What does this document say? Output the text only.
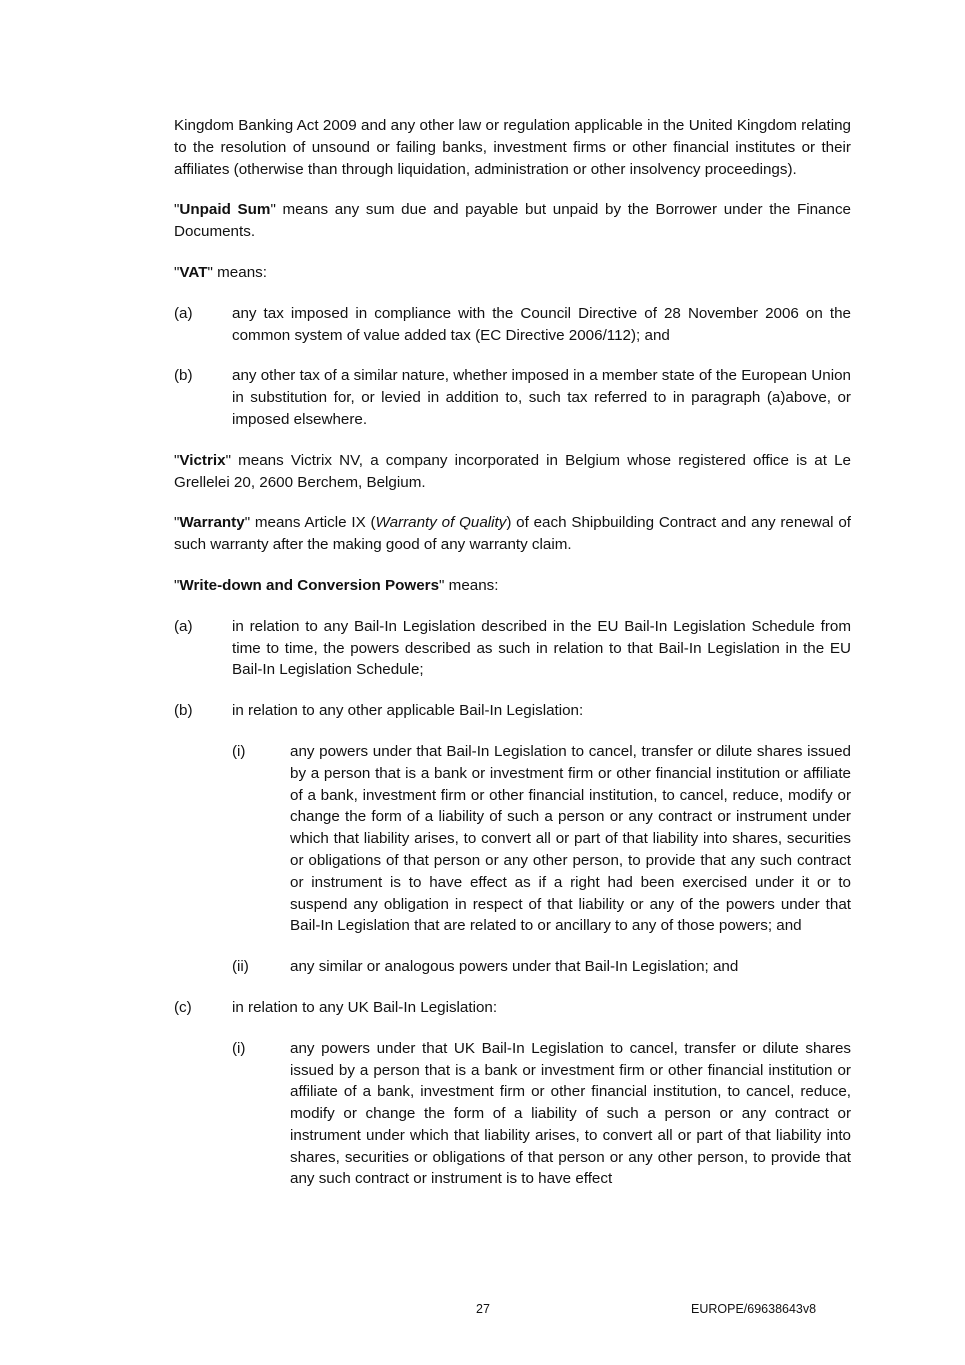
Kingdom Banking Act 2009 and any other law or regulation applicable in the United Kingdom relating to the resolution of unsound or failing banks, investment firms or other financial institutes or their affiliates (otherwise than through liquidation, administration or other insolvency proceedings).

"Unpaid Sum" means any sum due and payable but unpaid by the Borrower under the Finance Documents.

"VAT" means:

(a)	any tax imposed in compliance with the Council Directive of 28 November 2006 on the common system of value added tax (EC Directive 2006/112); and

(b)	any other tax of a similar nature, whether imposed in a member state of the European Union in substitution for, or levied in addition to, such tax referred to in paragraph (a)above, or imposed elsewhere.

"Victrix" means Victrix NV, a company incorporated in Belgium whose registered office is at Le Grellelei 20, 2600 Berchem, Belgium.

"Warranty" means Article IX (Warranty of Quality) of each Shipbuilding Contract and any renewal of such warranty after the making good of any warranty claim.

"Write-down and Conversion Powers" means:

(a)	in relation to any Bail-In Legislation described in the EU Bail-In Legislation Schedule from time to time, the powers described as such in relation to that Bail-In Legislation in the EU Bail-In Legislation Schedule;

(b)	in relation to any other applicable Bail-In Legislation:

(i)	any powers under that Bail-In Legislation to cancel, transfer or dilute shares issued by a person that is a bank or investment firm or other financial institution or affiliate of a bank, investment firm or other financial institution, to cancel, reduce, modify or change the form of a liability of such a person or any contract or instrument under which that liability arises, to convert all or part of that liability into shares, securities or obligations of that person or any other person, to provide that any such contract or instrument is to have effect as if a right had been exercised under it or to suspend any obligation in respect of that liability or any of the powers under that Bail-In Legislation that are related to or ancillary to any of those powers; and

(ii)	any similar or analogous powers under that Bail-In Legislation; and

(c)	in relation to any UK Bail-In Legislation:

(i)	any powers under that UK Bail-In Legislation to cancel, transfer or dilute shares issued by a person that is a bank or investment firm or other financial institution or affiliate of a bank, investment firm or other financial institution, to cancel, reduce, modify or change the form of a liability of such a person or any contract or instrument under which that liability arises, to convert all or part of that liability into shares, securities or obligations of that person or any other person, to provide that any such contract or instrument is to have effect

27	EUROPE/69638643v8
